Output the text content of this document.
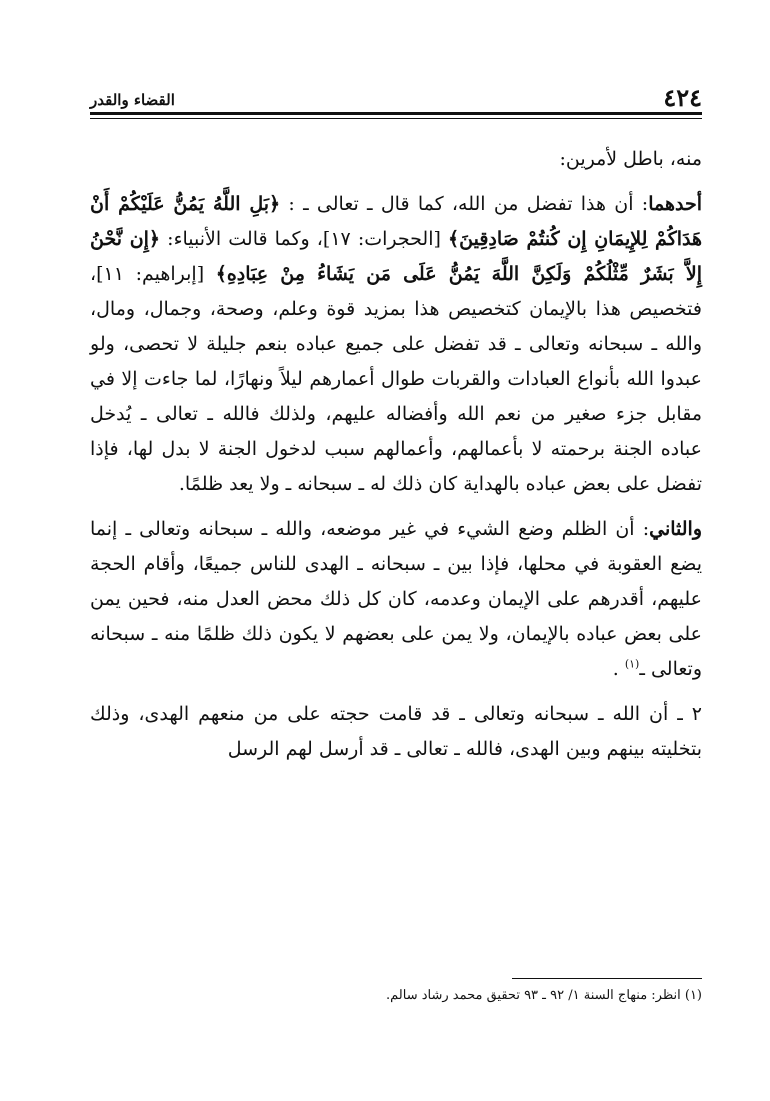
٤٢٤
القضاء والقدر

منه، باطل لأمرين:

أحدهما: أن هذا تفضل من الله، كما قال ـ تعالى ـ : ﴿بَلِ اللَّهُ يَمُنُّ عَلَيْكُمْ أَنْ هَدَاكُمْ لِلإِيمَانِ إِن كُنتُمْ صَادِقِينَ﴾ [الحجرات: ١٧]، وكما قالت الأنبياء: ﴿إِن نَّحْنُ إِلاَّ بَشَرٌ مِّثْلُكُمْ وَلَكِنَّ اللَّهَ يَمُنُّ عَلَى مَن يَشَاءُ مِنْ عِبَادِهِ﴾ [إبراهيم: ١١]، فتخصيص هذا بالإيمان كتخصيص هذا بمزيد قوة وعلم، وصحة، وجمال، ومال، والله ـ سبحانه وتعالى ـ قد تفضل على جميع عباده بنعم جليلة لا تحصى، ولو عبدوا الله بأنواع العبادات والقربات طوال أعمارهم ليلاً ونهارًا، لما جاءت إلا في مقابل جزء صغير من نعم الله وأفضاله عليهم، ولذلك فالله ـ تعالى ـ يُدخل عباده الجنة برحمته لا بأعمالهم، وأعمالهم سبب لدخول الجنة لا بدل لها، فإذا تفضل على بعض عباده بالهداية كان ذلك له ـ سبحانه ـ ولا يعد ظلمًا.

والثاني: أن الظلم وضع الشيء في غير موضعه، والله ـ سبحانه وتعالى ـ إنما يضع العقوبة في محلها، فإذا بين ـ سبحانه ـ الهدى للناس جميعًا، وأقام الحجة عليهم، أقدرهم على الإيمان وعدمه، كان كل ذلك محض العدل منه، فحين يمن على بعض عباده بالإيمان، ولا يمن على بعضهم لا يكون ذلك ظلمًا منه ـ سبحانه وتعالى ـ$^{(١)}$ .

٢ ـ أن الله ـ سبحانه وتعالى ـ قد قامت حجته على من منعهم الهدى، وذلك بتخليته بينهم وبين الهدى، فالله ـ تعالى ـ قد أرسل لهم الرسل

(١) انظر: منهاج السنة ١/ ٩٢ ـ ٩٣ تحقيق محمد رشاد سالم.
